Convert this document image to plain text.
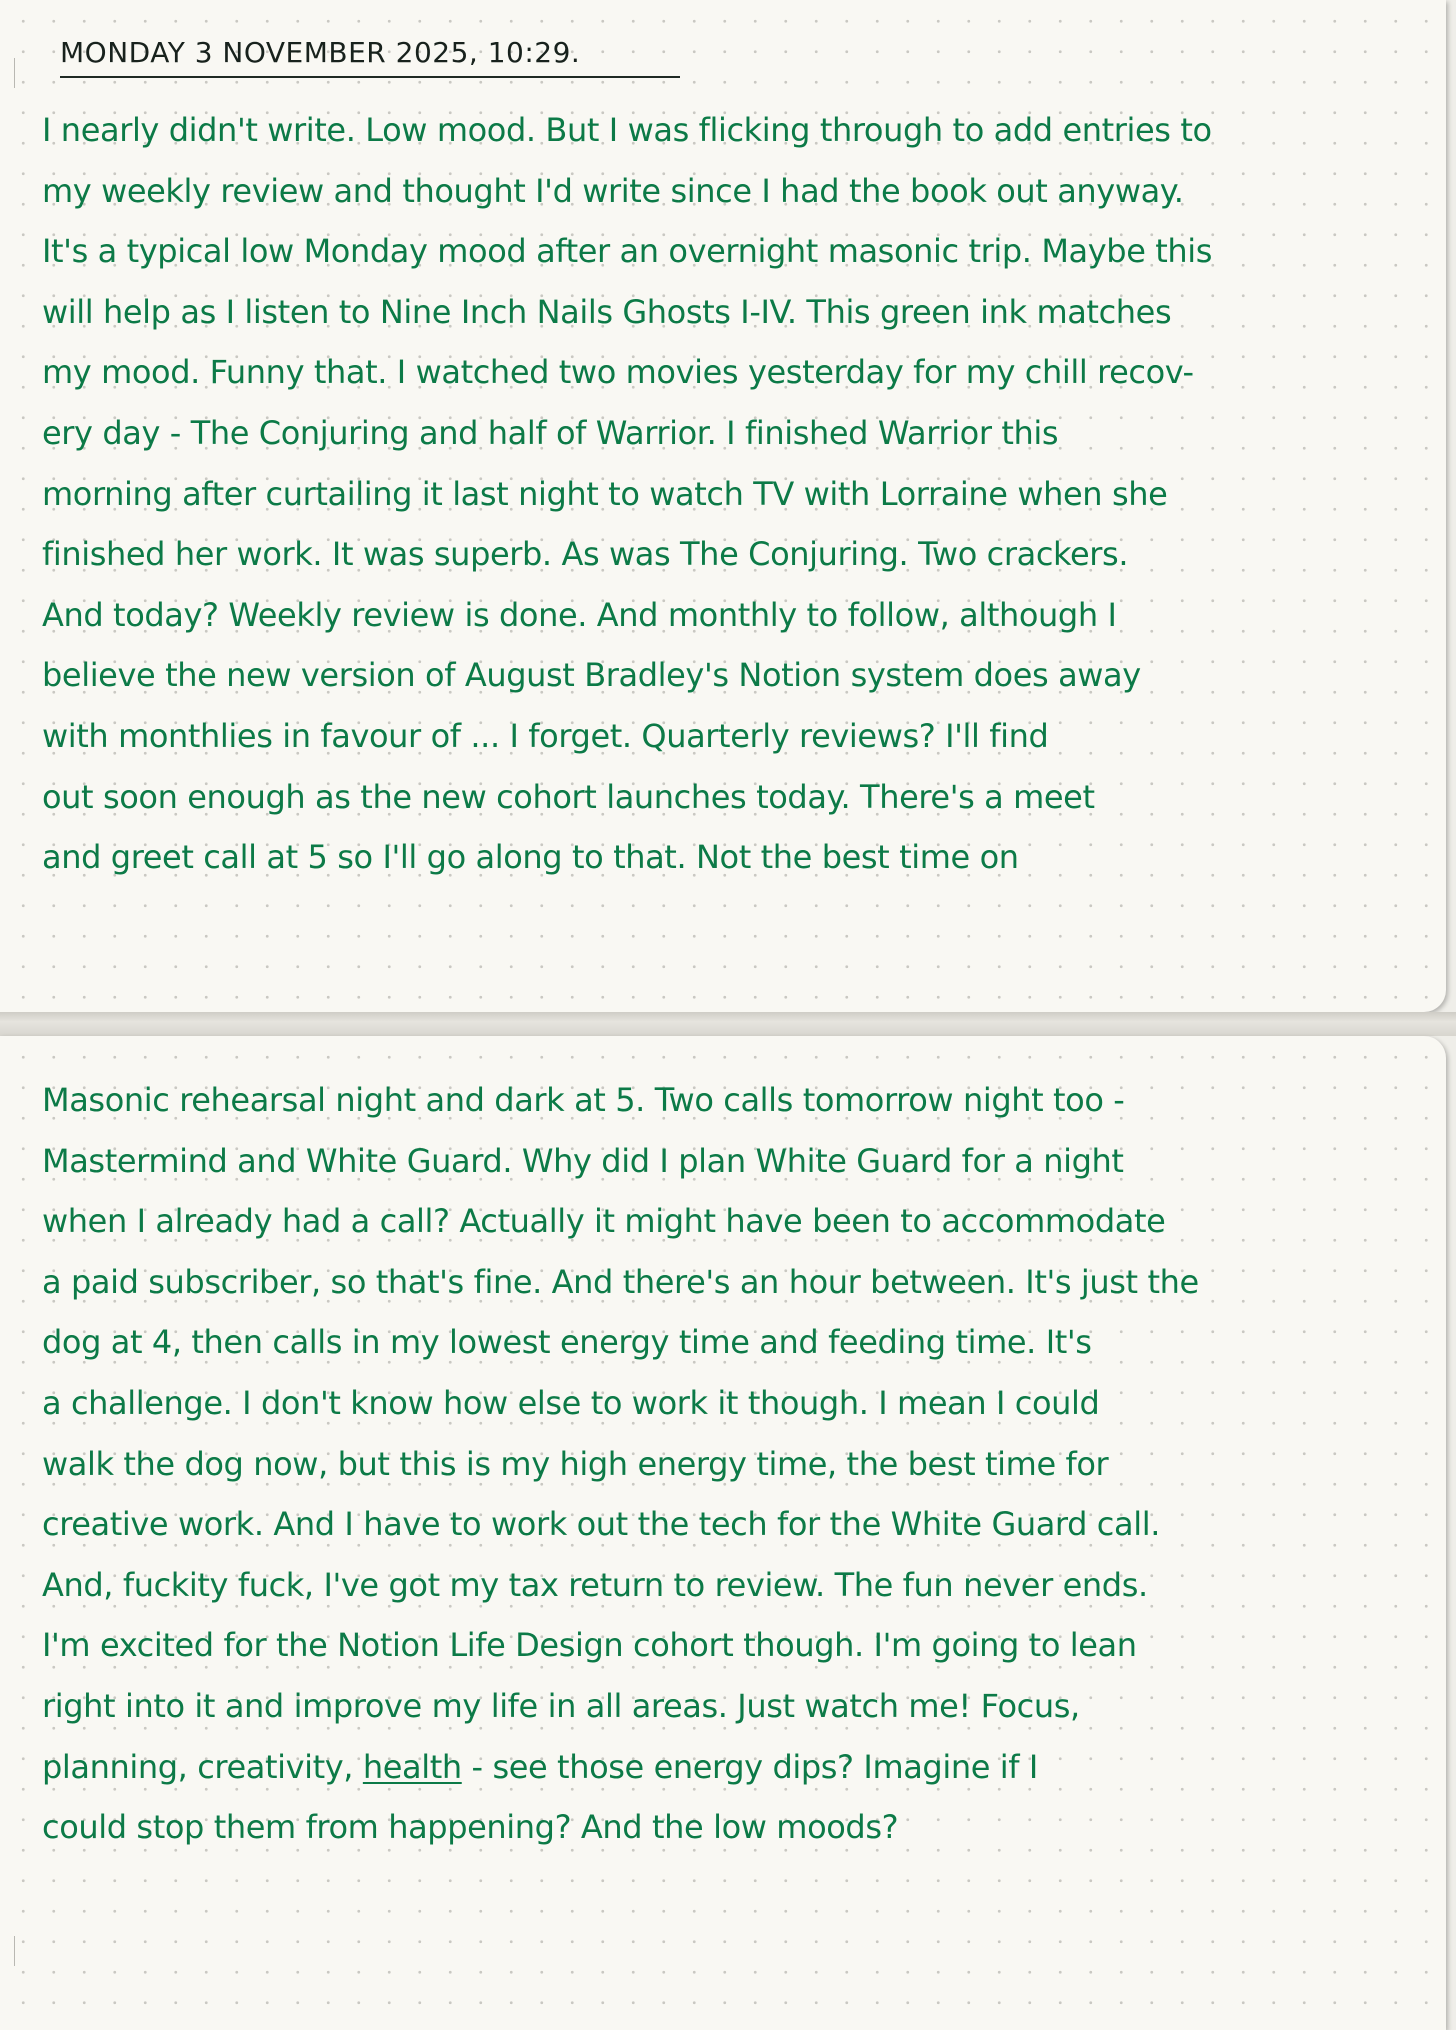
MONDAY 3 NOVEMBER 2025, 10:29.
I nearly didn't write. Low mood. But I was flicking through to add entries to
my weekly review and thought I'd write since I had the book out anyway.
It's a typical low Monday mood after an overnight masonic trip. Maybe this
will help as I listen to Nine Inch Nails Ghosts I-IV. This green ink matches
my mood. Funny that. I watched two movies yesterday for my chill recov-
ery day - The Conjuring and half of Warrior. I finished Warrior this
morning after curtailing it last night to watch TV with Lorraine when she
finished her work. It was superb. As was The Conjuring. Two crackers.
And today? Weekly review is done. And monthly to follow, although I
believe the new version of August Bradley's Notion system does away
with monthlies in favour of ... I forget. Quarterly reviews? I'll find
out soon enough as the new cohort launches today. There's a meet
and greet call at 5 so I'll go along to that. Not the best time on
Masonic rehearsal night and dark at 5. Two calls tomorrow night too -
Mastermind and White Guard. Why did I plan White Guard for a night
when I already had a call? Actually it might have been to accommodate
a paid subscriber, so that's fine. And there's an hour between. It's just the
dog at 4, then calls in my lowest energy time and feeding time. It's
a challenge. I don't know how else to work it though. I mean I could
walk the dog now, but this is my high energy time, the best time for
creative work. And I have to work out the tech for the White Guard call.
And, fuckity fuck, I've got my tax return to review. The fun never ends.
I'm excited for the Notion Life Design cohort though. I'm going to lean
right into it and improve my life in all areas. Just watch me! Focus,
planning, creativity, health - see those energy dips? Imagine if I
could stop them from happening? And the low moods?
